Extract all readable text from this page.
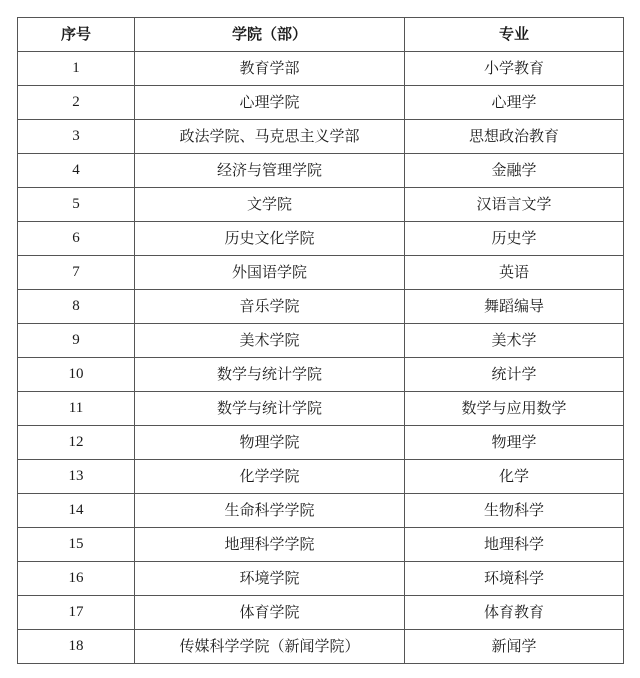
序号	学院（部）	专业
1	教育学部	小学教育
2	心理学院	心理学
3	政法学院、马克思主义学部	思想政治教育
4	经济与管理学院	金融学
5	文学院	汉语言文学
6	历史文化学院	历史学
7	外国语学院	英语
8	音乐学院	舞蹈编导
9	美术学院	美术学
10	数学与统计学院	统计学
11	数学与统计学院	数学与应用数学
12	物理学院	物理学
13	化学学院	化学
14	生命科学学院	生物科学
15	地理科学学院	地理科学
16	环境学院	环境科学
17	体育学院	体育教育
18	传媒科学学院（新闻学院）	新闻学
